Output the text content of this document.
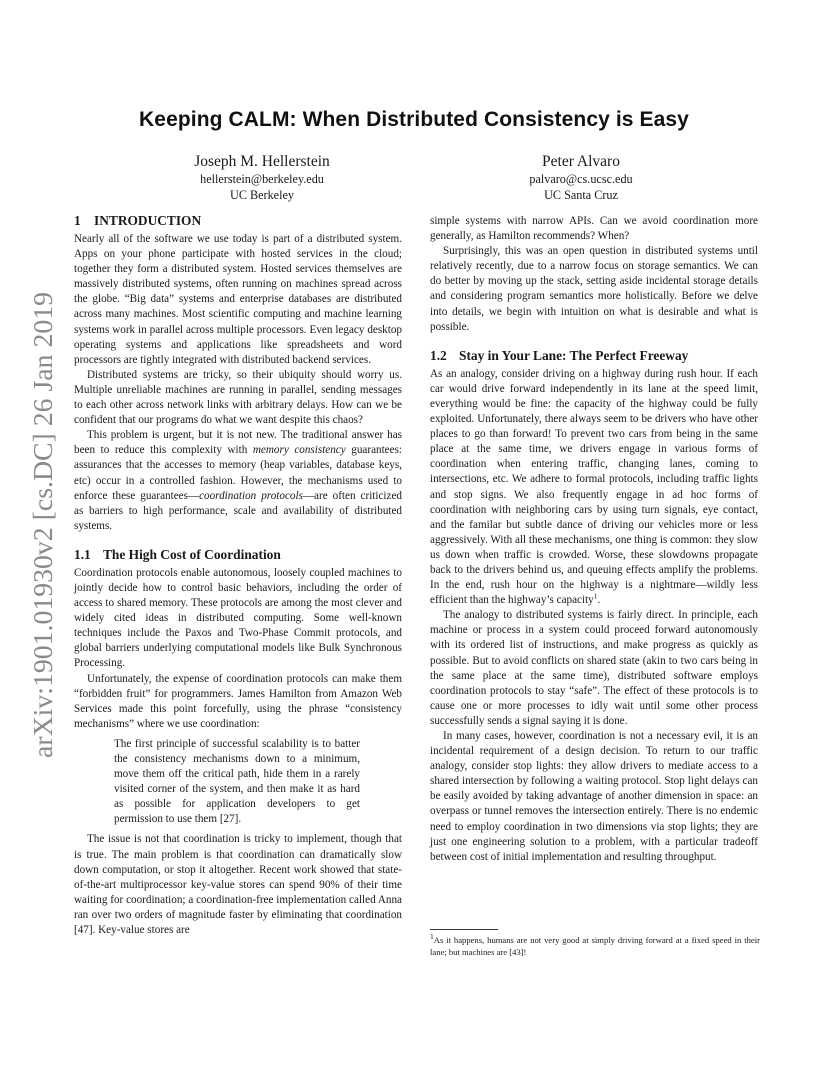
arXiv:1901.01930v2 [cs.DC] 26 Jan 2019
Keeping CALM: When Distributed Consistency is Easy
Joseph M. Hellerstein
hellerstein@berkeley.edu
UC Berkeley
Peter Alvaro
palvaro@cs.ucsc.edu
UC Santa Cruz
1 INTRODUCTION

Nearly all of the software we use today is part of a distributed system. Apps on your phone participate with hosted services in the cloud; together they form a distributed system. Hosted services themselves are massively distributed systems, often running on machines spread across the globe. “Big data” systems and enterprise databases are distributed across many machines. Most scientific computing and machine learning systems work in parallel across multiple processors. Even legacy desktop operating systems and applications like spreadsheets and word processors are tightly integrated with distributed backend services.

Distributed systems are tricky, so their ubiquity should worry us. Multiple unreliable machines are running in parallel, sending messages to each other across network links with arbitrary delays. How can we be confident that our programs do what we want despite this chaos?

This problem is urgent, but it is not new. The traditional answer has been to reduce this complexity with memory consistency guarantees: assurances that the accesses to memory (heap variables, database keys, etc) occur in a controlled fashion. However, the mechanisms used to enforce these guarantees—coordination protocols—are often criticized as barriers to high performance, scale and availability of distributed systems.

1.1 The High Cost of Coordination

Coordination protocols enable autonomous, loosely coupled machines to jointly decide how to control basic behaviors, including the order of access to shared memory. These protocols are among the most clever and widely cited ideas in distributed computing. Some well-known techniques include the Paxos and Two-Phase Commit protocols, and global barriers underlying computational models like Bulk Synchronous Processing.

Unfortunately, the expense of coordination protocols can make them “forbidden fruit” for programmers. James Hamilton from Amazon Web Services made this point forcefully, using the phrase “consistency mechanisms” where we use coordination:

The first principle of successful scalability is to batter the consistency mechanisms down to a minimum, move them off the critical path, hide them in a rarely visited corner of the system, and then make it as hard as possible for application developers to get permission to use them [27].

The issue is not that coordination is tricky to implement, though that is true. The main problem is that coordination can dramatically slow down computation, or stop it altogether. Recent work showed that state-of-the-art multiprocessor key-value stores can spend 90% of their time waiting for coordination; a coordination-free implementation called Anna ran over two orders of magnitude faster by eliminating that coordination [47]. Key-value stores are

simple systems with narrow APIs. Can we avoid coordination more generally, as Hamilton recommends? When?

Surprisingly, this was an open question in distributed systems until relatively recently, due to a narrow focus on storage semantics. We can do better by moving up the stack, setting aside incidental storage details and considering program semantics more holistically. Before we delve into details, we begin with intuition on what is desirable and what is possible.

1.2 Stay in Your Lane: The Perfect Freeway

As an analogy, consider driving on a highway during rush hour. If each car would drive forward independently in its lane at the speed limit, everything would be fine: the capacity of the highway could be fully exploited. Unfortunately, there always seem to be drivers who have other places to go than forward! To prevent two cars from being in the same place at the same time, we drivers engage in various forms of coordination when entering traffic, changing lanes, coming to intersections, etc. We adhere to formal protocols, including traffic lights and stop signs. We also frequently engage in ad hoc forms of coordination with neighboring cars by using turn signals, eye contact, and the familar but subtle dance of driving our vehicles more or less aggressively. With all these mechanisms, one thing is common: they slow us down when traffic is crowded. Worse, these slowdowns propagate back to the drivers behind us, and queuing effects amplify the problems. In the end, rush hour on the highway is a nightmare—wildly less efficient than the highway’s capacity$^1$.

The analogy to distributed systems is fairly direct. In principle, each machine or process in a system could proceed forward autonomously with its ordered list of instructions, and make progress as quickly as possible. But to avoid conflicts on shared state (akin to two cars being in the same place at the same time), distributed software employs coordination protocols to stay “safe”. The effect of these protocols is to cause one or more processes to idly wait until some other process successfully sends a signal saying it is done.

In many cases, however, coordination is not a necessary evil, it is an incidental requirement of a design decision. To return to our traffic analogy, consider stop lights: they allow drivers to mediate access to a shared intersection by following a waiting protocol. Stop light delays can be easily avoided by taking advantage of another dimension in space: an overpass or tunnel removes the intersection entirely. There is no endemic need to employ coordination in two dimensions via stop lights; they are just one engineering solution to a problem, with a particular tradeoff between cost of initial implementation and resulting throughput.

$^1$As it happens, humans are not very good at simply driving forward at a fixed speed in their lane; but machines are [43]!
